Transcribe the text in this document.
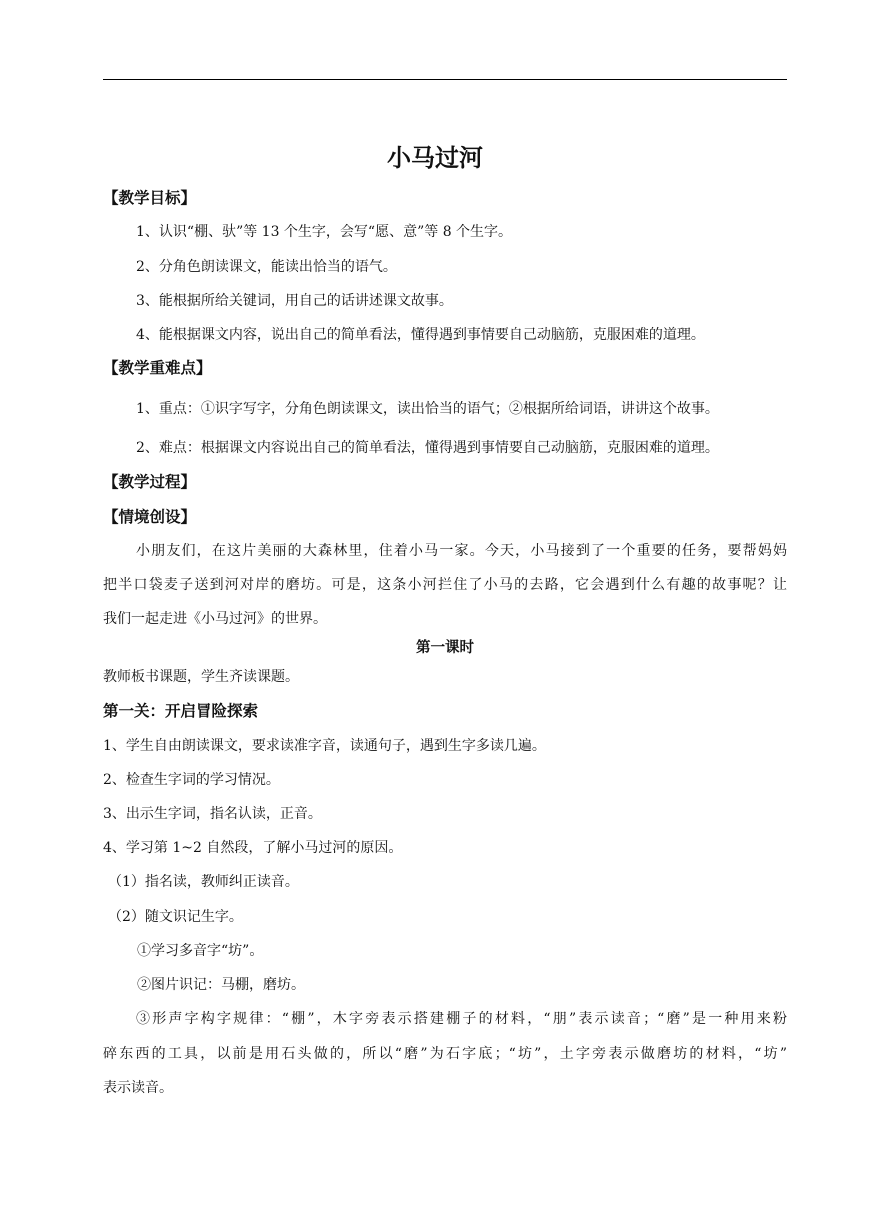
小马过河
【教学目标】
1、认识“棚、驮”等 13 个生字，会写“愿、意”等 8 个生字。
2、分角色朗读课文，能读出恰当的语气。
3、能根据所给关键词，用自己的话讲述课文故事。
4、能根据课文内容，说出自己的简单看法，懂得遇到事情要自己动脑筋，克服困难的道理。
【教学重难点】
1、重点：①识字写字，分角色朗读课文，读出恰当的语气；②根据所给词语，讲讲这个故事。
2、难点：根据课文内容说出自己的简单看法，懂得遇到事情要自己动脑筋，克服困难的道理。
【教学过程】
【情境创设】
小朋友们，在这片美丽的大森林里，住着小马一家。今天，小马接到了一个重要的任务，要帮妈妈
把半口袋麦子送到河对岸的磨坊。可是，这条小河拦住了小马的去路，它会遇到什么有趣的故事呢？让
我们一起走进《小马过河》的世界。
第一课时
教师板书课题，学生齐读课题。
第一关：开启冒险探索
1、学生自由朗读课文，要求读准字音，读通句子，遇到生字多读几遍。
2、检查生字词的学习情况。
3、出示生字词，指名认读，正音。
4、学习第 1~2 自然段，了解小马过河的原因。
（1）指名读，教师纠正读音。
（2）随文识记生字。
①学习多音字“坊”。
②图片识记：马棚，磨坊。
③形声字构字规律：“棚”，木字旁表示搭建棚子的材料，“朋”表示读音；“磨”是一种用来粉
碎东西的工具，以前是用石头做的，所以“磨”为石字底；“坊”，土字旁表示做磨坊的材料，“坊”
表示读音。
